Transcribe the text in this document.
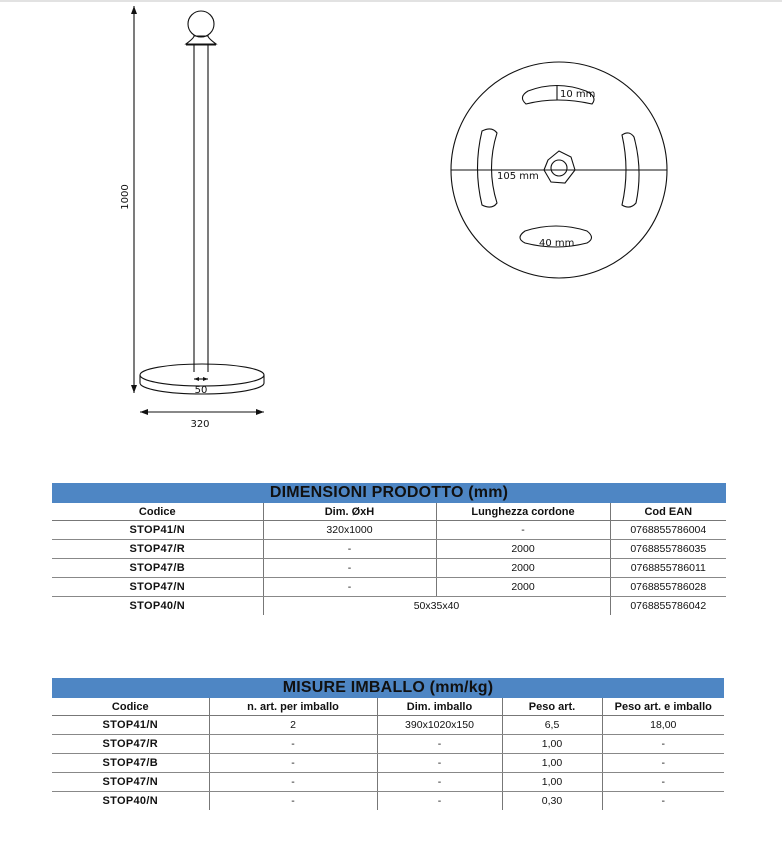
1000
50
320
10 mm
105 mm
40 mm
DIMENSIONI PRODOTTO (mm)			
Codice	Dim. ØxH	Lunghezza cordone	Cod EAN
STOP41/N	320x1000	-	0768855786004
STOP47/R	-	2000	0768855786035
STOP47/B	-	2000	0768855786011
STOP47/N	-	2000	0768855786028
STOP40/N	50x35x40		0768855786042
MISURE IMBALLO (mm/kg)				
Codice	n. art. per imballo	Dim. imballo	Peso art.	Peso art. e imballo
STOP41/N	2	390x1020x150	6,5	18,00
STOP47/R	-	-	1,00	-
STOP47/B	-	-	1,00	-
STOP47/N	-	-	1,00	-
STOP40/N	-	-	0,30	-
